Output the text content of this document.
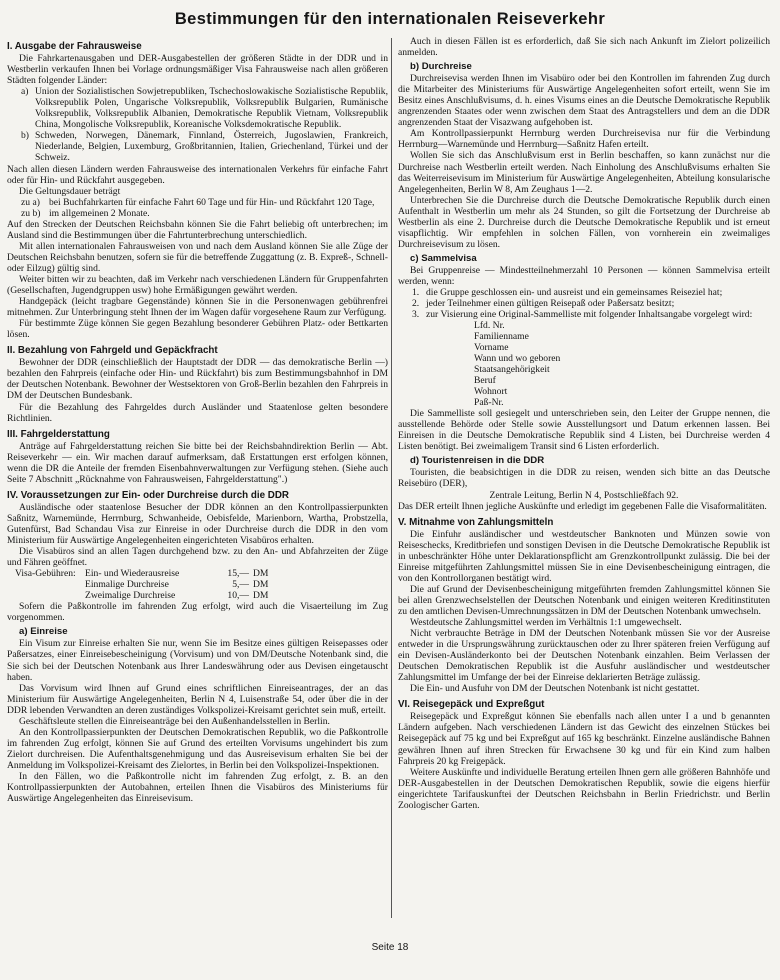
Bestimmungen für den internationalen Reiseverkehr

I. Ausgabe der Fahrausweise

Die Fahrkartenausgaben und DER-Ausgabestellen der größeren Städte in der DDR und in Westberlin verkaufen Ihnen bei Vorlage ordnungsmäßiger Visa Fahrausweise nach allen größeren Städten folgender Länder:

a) Union der Sozialistischen Sowjetrepubliken, Tschechoslowakische Sozialistische Republik, Volksrepublik Polen, Ungarische Volksrepublik, Volksrepublik Bulgarien, Rumänische Volksrepublik, Volksrepublik Albanien, Demokratische Republik Vietnam, Volksrepublik China, Mongolische Volksrepublik, Koreanische Volksdemokratische Republik.
b) Schweden, Norwegen, Dänemark, Finnland, Österreich, Jugoslawien, Frankreich, Niederlande, Belgien, Luxemburg, Großbritannien, Italien, Griechenland, Türkei und der Schweiz.

Nach allen diesen Ländern werden Fahrausweise des internationalen Verkehrs für einfache Fahrt oder für Hin- und Rückfahrt ausgegeben.

Die Geltungsdauer beträgt

zu a) bei Buchfahrkarten für einfache Fahrt 60 Tage und für Hin- und Rückfahrt 120 Tage,
zu b) im allgemeinen 2 Monate.

Auf den Strecken der Deutschen Reichsbahn können Sie die Fahrt beliebig oft unterbrechen; im Ausland sind die Bestimmungen über die Fahrtunterbrechung unterschiedlich.

Mit allen internationalen Fahrausweisen von und nach dem Ausland können Sie alle Züge der Deutschen Reichsbahn benutzen, sofern sie für die betreffende Zuggattung (z. B. Expreß-, Schnell- oder Eilzug) gültig sind.

Weiter bitten wir zu beachten, daß im Verkehr nach verschiedenen Ländern für Gruppenfahrten (Gesellschaften, Jugendgruppen usw) hohe Ermäßigungen gewährt werden.

Handgepäck (leicht tragbare Gegenstände) können Sie in die Personenwagen gebührenfrei mitnehmen. Zur Unterbringung steht Ihnen der im Wagen dafür vorgesehene Raum zur Verfügung.

Für bestimmte Züge können Sie gegen Bezahlung besonderer Gebühren Platz- oder Bettkarten lösen.

II. Bezahlung von Fahrgeld und Gepäckfracht

Bewohner der DDR (einschließlich der Hauptstadt der DDR — das demokratische Berlin —) bezahlen den Fahrpreis (einfache oder Hin- und Rückfahrt) bis zum Bestimmungsbahnhof in DM der Deutschen Notenbank. Bewohner der Westsektoren von Groß-Berlin bezahlen den Fahrpreis in DM der Deutschen Bundesbank.

Für die Bezahlung des Fahrgeldes durch Ausländer und Staatenlose gelten besondere Richtlinien.

III. Fahrgelderstattung

Anträge auf Fahrgelderstattung reichen Sie bitte bei der Reichsbahndirektion Berlin — Abt. Reiseverkehr — ein. Wir machen darauf aufmerksam, daß Erstattungen erst erfolgen können, wenn die DR die Anteile der fremden Eisenbahnverwaltungen zur Verfügung stehen. (Siehe auch Seite 7 Abschnitt „Rücknahme von Fahrausweisen, Fahrgelderstattung".)

IV. Voraussetzungen zur Ein- oder Durchreise durch die DDR

Ausländische oder staatenlose Besucher der DDR können an den Kontrollpassierpunkten Saßnitz, Warnemünde, Herrnburg, Schwanheide, Oebisfelde, Marienborn, Wartha, Probstzella, Gutenfürst, Bad Schandau Visa zur Einreise in oder Durchreise durch die DDR in den vom Ministerium für Auswärtige Angelegenheiten eingerichteten Visabüros erhalten.

Die Visabüros sind an allen Tagen durchgehend bzw. zu den An- und Abfahrzeiten der Züge und Fähren geöffnet.

Visa-Gebühren: Ein- und Wiederausreise	15,— DM
Einmalige Durchreise	5,— DM
Zweimalige Durchreise	10,— DM

Sofern die Paßkontrolle im fahrenden Zug erfolgt, wird auch die Visaerteilung im Zug vorgenommen.

a) Einreise

Ein Visum zur Einreise erhalten Sie nur, wenn Sie im Besitze eines gültigen Reisepasses oder Paßersatzes, einer Einreisebescheinigung (Vorvisum) und von DM/Deutsche Notenbank sind, die Sie sich bei der Deutschen Notenbank aus Ihrer Landeswährung oder aus Devisen eingetauscht haben.

Das Vorvisum wird Ihnen auf Grund eines schriftlichen Einreiseantrages, der an das Ministerium für Auswärtige Angelegenheiten, Berlin N 4, Luisenstraße 54, oder über die in der DDR lebenden Verwandten an deren zuständiges Volkspolizei-Kreisamt gerichtet sein muß, erteilt.

Geschäftsleute stellen die Einreiseanträge bei den Außenhandelsstellen in Berlin.

An den Kontrollpassierpunkten der Deutschen Demokratischen Republik, wo die Paßkontrolle im fahrenden Zug erfolgt, können Sie auf Grund des erteilten Vorvisums ungehindert bis zum Zielort durchreisen. Die Aufenthaltsgenehmigung und das Ausreisevisum erhalten Sie bei der Anmeldung im Volkspolizei-Kreisamt des Zielortes, in Berlin bei den Volkspolizei-Inspektionen.

In den Fällen, wo die Paßkontrolle nicht im fahrenden Zug erfolgt, z. B. an den Kontrollpassierpunkten der Autobahnen, erteilen Ihnen die Visabüros des Ministeriums für Auswärtige Angelegenheiten das Einreisevisum.

Auch in diesen Fällen ist es erforderlich, daß Sie sich nach Ankunft im Zielort polizeilich anmelden.

b) Durchreise

Durchreisevisa werden Ihnen im Visabüro oder bei den Kontrollen im fahrenden Zug durch die Mitarbeiter des Ministeriums für Auswärtige Angelegenheiten sofort erteilt, wenn Sie im Besitz eines Anschlußvisums, d. h. eines Visums eines an die Deutsche Demokratische Republik angrenzenden Staates oder wenn zwischen dem Staat des Antragstellers und dem an die DDR angrenzenden Staat der Visazwang aufgehoben ist.

Am Kontrollpassierpunkt Herrnburg werden Durchreisevisa nur für die Verbindung Herrnburg—Warnemünde und Herrnburg—Saßnitz Hafen erteilt.

Wollen Sie sich das Anschlußvisum erst in Berlin beschaffen, so kann zunächst nur die Durchreise nach Westberlin erteilt werden. Nach Einholung des Anschlußvisums erhalten Sie das Weiterreisevisum im Ministerium für Auswärtige Angelegenheiten, Abteilung konsularische Angelegenheiten, Berlin W 8, Am Zeughaus 1—2.

Unterbrechen Sie die Durchreise durch die Deutsche Demokratische Republik durch einen Aufenthalt in Westberlin um mehr als 24 Stunden, so gilt die Fortsetzung der Durchreise ab Westberlin als eine 2. Durchreise durch die Deutsche Demokratische Republik und ist erneut visapflichtig. Wir empfehlen in solchen Fällen, von vornherein ein zweimaliges Durchreisevisum zu lösen.

c) Sammelvisa

Bei Gruppenreise — Mindestteilnehmerzahl 10 Personen — können Sammelvisa erteilt werden, wenn:

1. die Gruppe geschlossen ein- und ausreist und ein gemeinsames Reiseziel hat;
2. jeder Teilnehmer einen gültigen Reisepaß oder Paßersatz besitzt;
3. zur Visierung eine Original-Sammelliste mit folgender Inhaltsangabe vorgelegt wird:
Lfd. Nr.
Familienname
Vorname
Wann und wo geboren
Staatsangehörigkeit
Beruf
Wohnort
Paß-Nr.

Die Sammelliste soll gesiegelt und unterschrieben sein, den Leiter der Gruppe nennen, die ausstellende Behörde oder Stelle sowie Ausstellungsort und Datum erkennen lassen. Bei Einreisen in die Deutsche Demokratische Republik sind 4 Listen, bei Durchreise werden 4 Listen benötigt. Bei zweimaligem Transit sind 6 Listen erforderlich.

d) Touristenreisen in die DDR

Touristen, die beabsichtigen in die DDR zu reisen, wenden sich bitte an das Deutsche Reisebüro (DER),

Zentrale Leitung, Berlin N 4, Postschließfach 92.

Das DER erteilt Ihnen jegliche Auskünfte und erledigt im gegebenen Falle die Visaformalitäten.

V. Mitnahme von Zahlungsmitteln

Die Einfuhr ausländischer und westdeutscher Banknoten und Münzen sowie von Reiseschecks, Kreditbriefen und sonstigen Devisen in die Deutsche Demokratische Republik ist in unbeschränkter Höhe unter Deklarationspflicht am Grenzkontrollpunkt zulässig. Die bei der Einreise mitgeführten Zahlungsmittel müssen Sie in eine Devisenbescheinigung eintragen, die von den Kontrollorganen bestätigt wird.

Die auf Grund der Devisenbescheinigung mitgeführten fremden Zahlungsmittel können Sie bei allen Grenzwechselstellen der Deutschen Notenbank und einigen weiteren Kreditinstituten zu den amtlichen Devisen-Umrechnungssätzen in DM der Deutschen Notenbank umwechseln.

Westdeutsche Zahlungsmittel werden im Verhältnis 1:1 umgewechselt.

Nicht verbrauchte Beträge in DM der Deutschen Notenbank müssen Sie vor der Ausreise entweder in die Ursprungswährung zurücktauschen oder zu Ihrer späteren freien Verfügung auf ein Devisen-Ausländerkonto bei der Deutschen Notenbank einzahlen. Beim Verlassen der Deutschen Demokratischen Republik ist die Ausfuhr ausländischer und westdeutscher Zahlungsmittel im Umfange der bei der Einreise deklarierten Beträge zulässig.

Die Ein- und Ausfuhr von DM der Deutschen Notenbank ist nicht gestattet.

VI. Reisegepäck und Expreßgut

Reisegepäck und Expreßgut können Sie ebenfalls nach allen unter I a und b genannten Ländern aufgeben. Nach verschiedenen Ländern ist das Gewicht des einzelnen Stückes bei Reisegepäck auf 75 kg und bei Expreßgut auf 165 kg beschränkt. Einzelne ausländische Bahnen gewähren Ihnen auf ihren Strecken für Erwachsene 30 kg und für ein Kind zum halben Fahrpreis 20 kg Freigepäck.

Weitere Auskünfte und individuelle Beratung erteilen Ihnen gern alle größeren Bahnhöfe und DER-Ausgabestellen in der Deutschen Demokratischen Republik, sowie die eigens hierfür eingerichtete Tarifauskunftei der Deutschen Reichsbahn in Berlin Friedrichstr. und Berlin Zoologischer Garten.

Seite 18
